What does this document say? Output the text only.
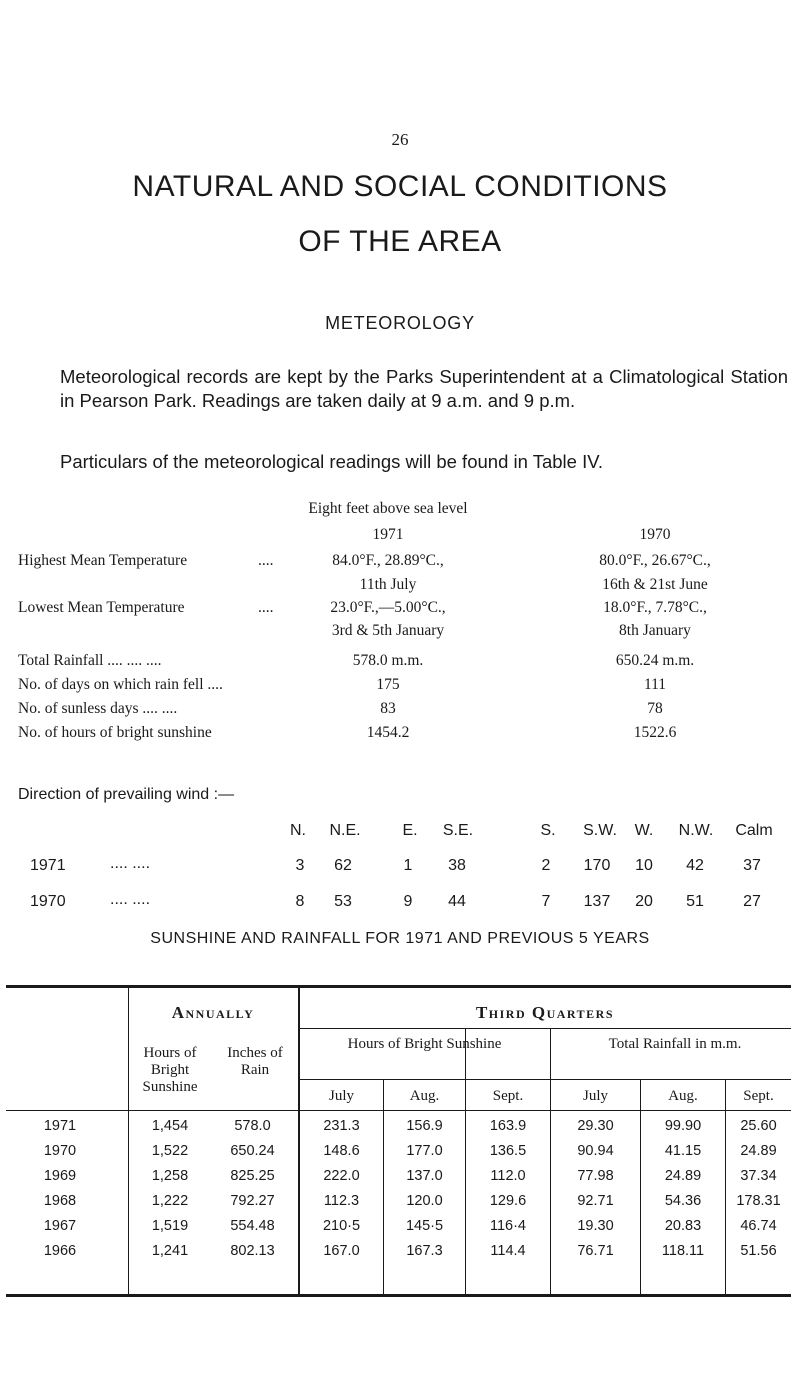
26
NATURAL AND SOCIAL CONDITIONS
OF THE AREA
METEOROLOGY
Meteorological records are kept by the Parks Superintendent at a Climatological Station in Pearson Park. Readings are taken daily at 9 a.m. and 9 p.m.
Particulars of the meteorological readings will be found in Table IV.
Eight feet above sea level
1971	1970
Highest Mean Temperature	....	84.0°F., 28.89°C.,	80.0°F., 26.67°C.,
11th July	16th & 21st June
Lowest Mean Temperature	....	23.0°F.,—5.00°C.,	18.0°F., 7.78°C.,
3rd & 5th January	8th January
Total Rainfall .... .... ....	578.0 m.m.	650.24 m.m.
No. of days on which rain fell ....	175	111
No. of sunless days .... ....	83	78
No. of hours of bright sunshine	1454.2	1522.6
Direction of prevailing wind :—
N.	N.E.	E.	S.E.	S.	S.W.	W.	N.W.	Calm
1971	.... ....	3	62	1	38	2	170	10	42	37
1970	.... ....	8	53	9	44	7	137	20	51	27
SUNSHINE AND RAINFALL FOR 1971 AND PREVIOUS 5 YEARS
Annually	Third Quarters
Hours of Bright Sunshine
Inches of Rain
Hours of Bright Sunshine	Total Rainfall in m.m.
July	Aug.	Sept.	July	Aug.	Sept.
1971	1,454	578.0	231.3	156.9	163.9	29.30	99.90	25.60
1970	1,522	650.24	148.6	177.0	136.5	90.94	41.15	24.89
1969	1,258	825.25	222.0	137.0	112.0	77.98	24.89	37.34
1968	1,222	792.27	112.3	120.0	129.6	92.71	54.36	178.31
1967	1,519	554.48	210·5	145·5	116·4	19.30	20.83	46.74
1966	1,241	802.13	167.0	167.3	114.4	76.71	118.11	51.56
